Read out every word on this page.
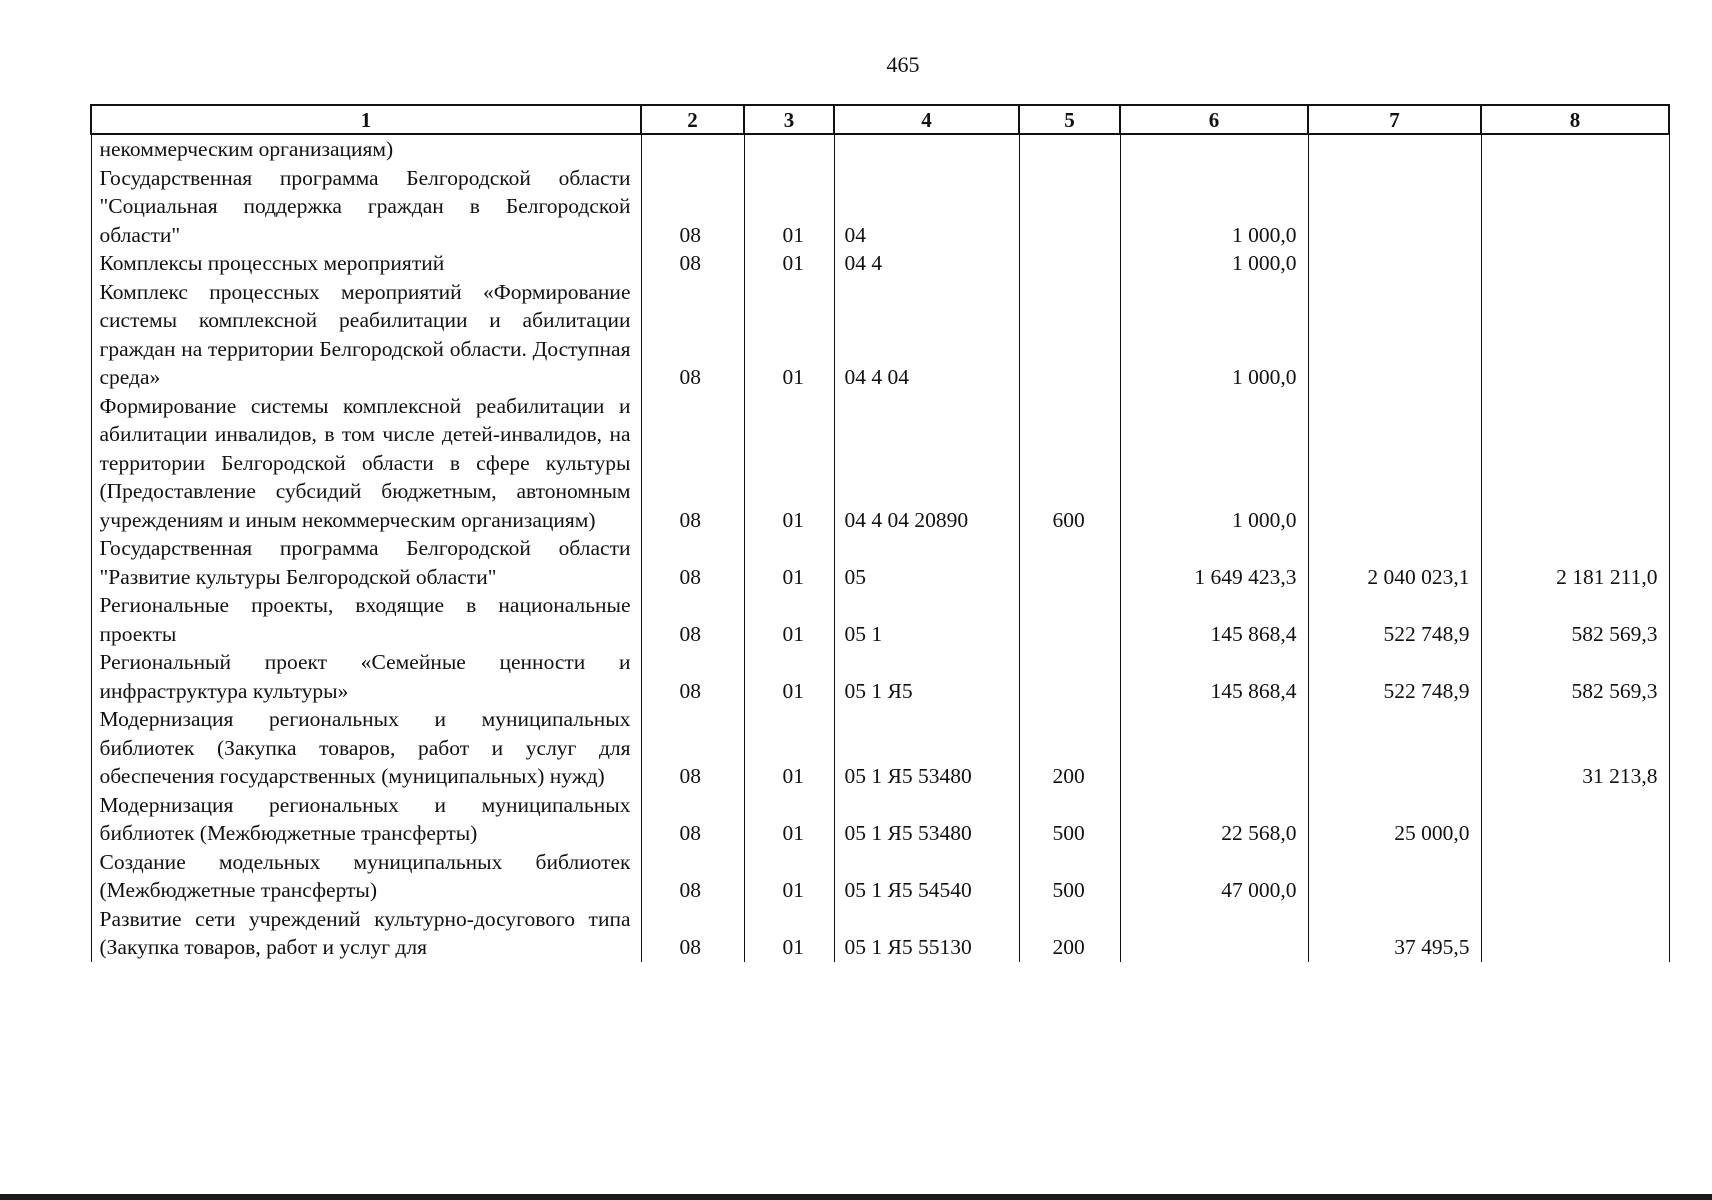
465
1	2	3	4	5	6	7	8
некоммерческим организациям)							
Государственная программа Белгородской области "Социальная поддержка граждан в Белгородской области"	08	01	04		1 000,0		
Комплексы процессных мероприятий	08	01	04 4		1 000,0		
Комплекс процессных мероприятий «Формирование системы комплексной реабилитации и абилитации граждан на территории Белгородской области. Доступная среда»	08	01	04 4 04		1 000,0		
Формирование системы комплексной реабилитации и абилитации инвалидов, в том числе детей-инвалидов, на территории Белгородской области в сфере культуры (Предоставление субсидий бюджетным, автономным учреждениям и иным некоммерческим организациям)	08	01	04 4 04 20890	600	1 000,0		
Государственная программа Белгородской области "Развитие культуры Белгородской области"	08	01	05		1 649 423,3	2 040 023,1	2 181 211,0
Региональные проекты, входящие в национальные проекты	08	01	05 1		145 868,4	522 748,9	582 569,3
Региональный проект «Семейные ценности и инфраструктура культуры»	08	01	05 1 Я5		145 868,4	522 748,9	582 569,3
Модернизация региональных и муниципальных библиотек (Закупка товаров, работ и услуг для обеспечения государственных (муниципальных) нужд)	08	01	05 1 Я5 53480	200			31 213,8
Модернизация региональных и муниципальных библиотек (Межбюджетные трансферты)	08	01	05 1 Я5 53480	500	22 568,0	25 000,0	
Создание модельных муниципальных библиотек (Межбюджетные трансферты)	08	01	05 1 Я5 54540	500	47 000,0		
Развитие сети учреждений культурно-досугового типа (Закупка товаров, работ и услуг для	08	01	05 1 Я5 55130	200		37 495,5	
